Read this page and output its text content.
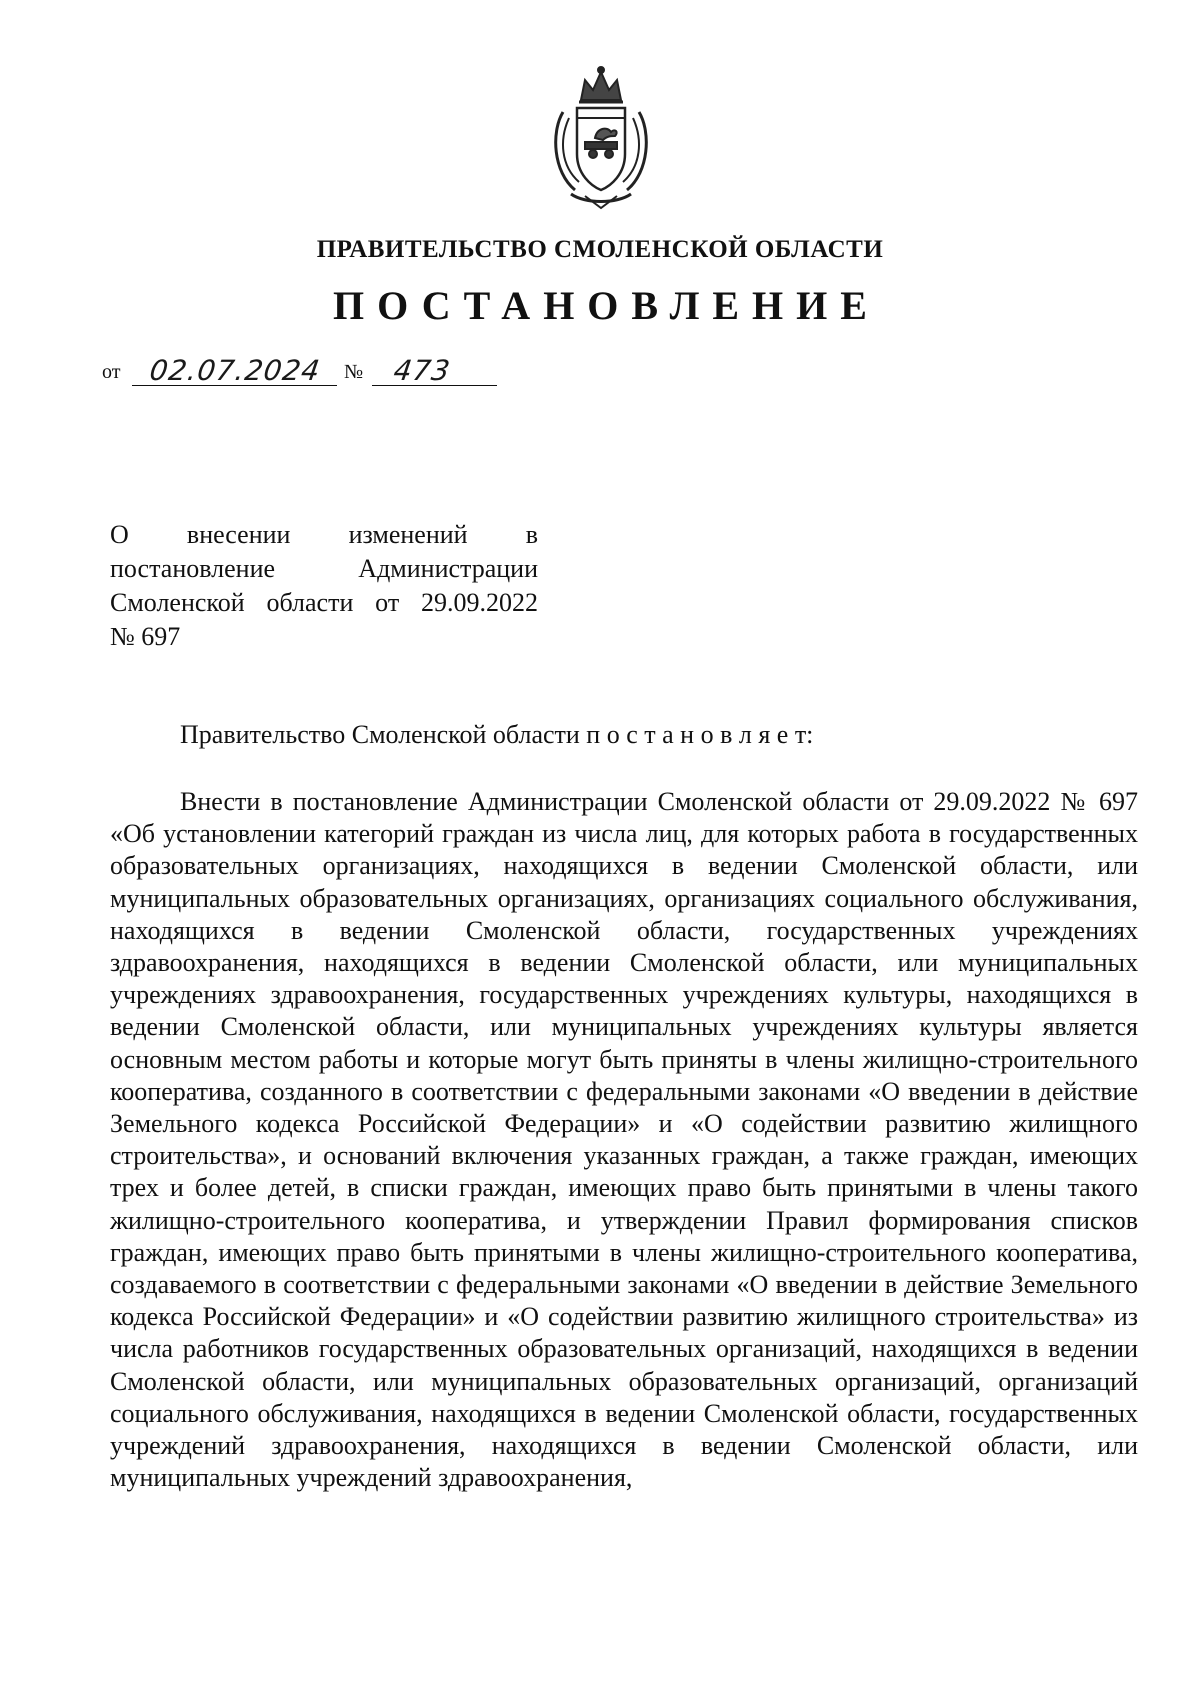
ПРАВИТЕЛЬСТВО СМОЛЕНСКОЙ ОБЛАСТИ
ПОСТАНОВЛЕНИЕ
от 02.07.2024 № 473
О внесении изменений в
постановление Администрации
Смоленской области от 29.09.2022
№ 697
Правительство Смоленской области п о с т а н о в л я е т:

Внести в постановление Администрации Смоленской области от 29.09.2022 № 697 «Об установлении категорий граждан из числа лиц, для которых работа в государственных образовательных организациях, находящихся в ведении Смоленской области, или муниципальных образовательных организациях, организациях социального обслуживания, находящихся в ведении Смоленской области, государственных учреждениях здравоохранения, находящихся в ведении Смоленской области, или муниципальных учреждениях здравоохранения, государственных учреждениях культуры, находящихся в ведении Смоленской области, или муниципальных учреждениях культуры является основным местом работы и которые могут быть приняты в члены жилищно-строительного кооператива, созданного в соответствии с федеральными законами «О введении в действие Земельного кодекса Российской Федерации» и «О содействии развитию жилищного строительства», и оснований включения указанных граждан, а также граждан, имеющих трех и более детей, в списки граждан, имеющих право быть принятыми в члены такого жилищно-строительного кооператива, и утверждении Правил формирования списков граждан, имеющих право быть принятыми в члены жилищно-строительного кооператива, создаваемого в соответствии с федеральными законами «О введении в действие Земельного кодекса Российской Федерации» и «О содействии развитию жилищного строительства» из числа работников государственных образовательных организаций, находящихся в ведении Смоленской области, или муниципальных образовательных организаций, организаций социального обслуживания, находящихся в ведении Смоленской области, государственных учреждений здравоохранения, находящихся в ведении Смоленской области, или муниципальных учреждений здравоохранения,
